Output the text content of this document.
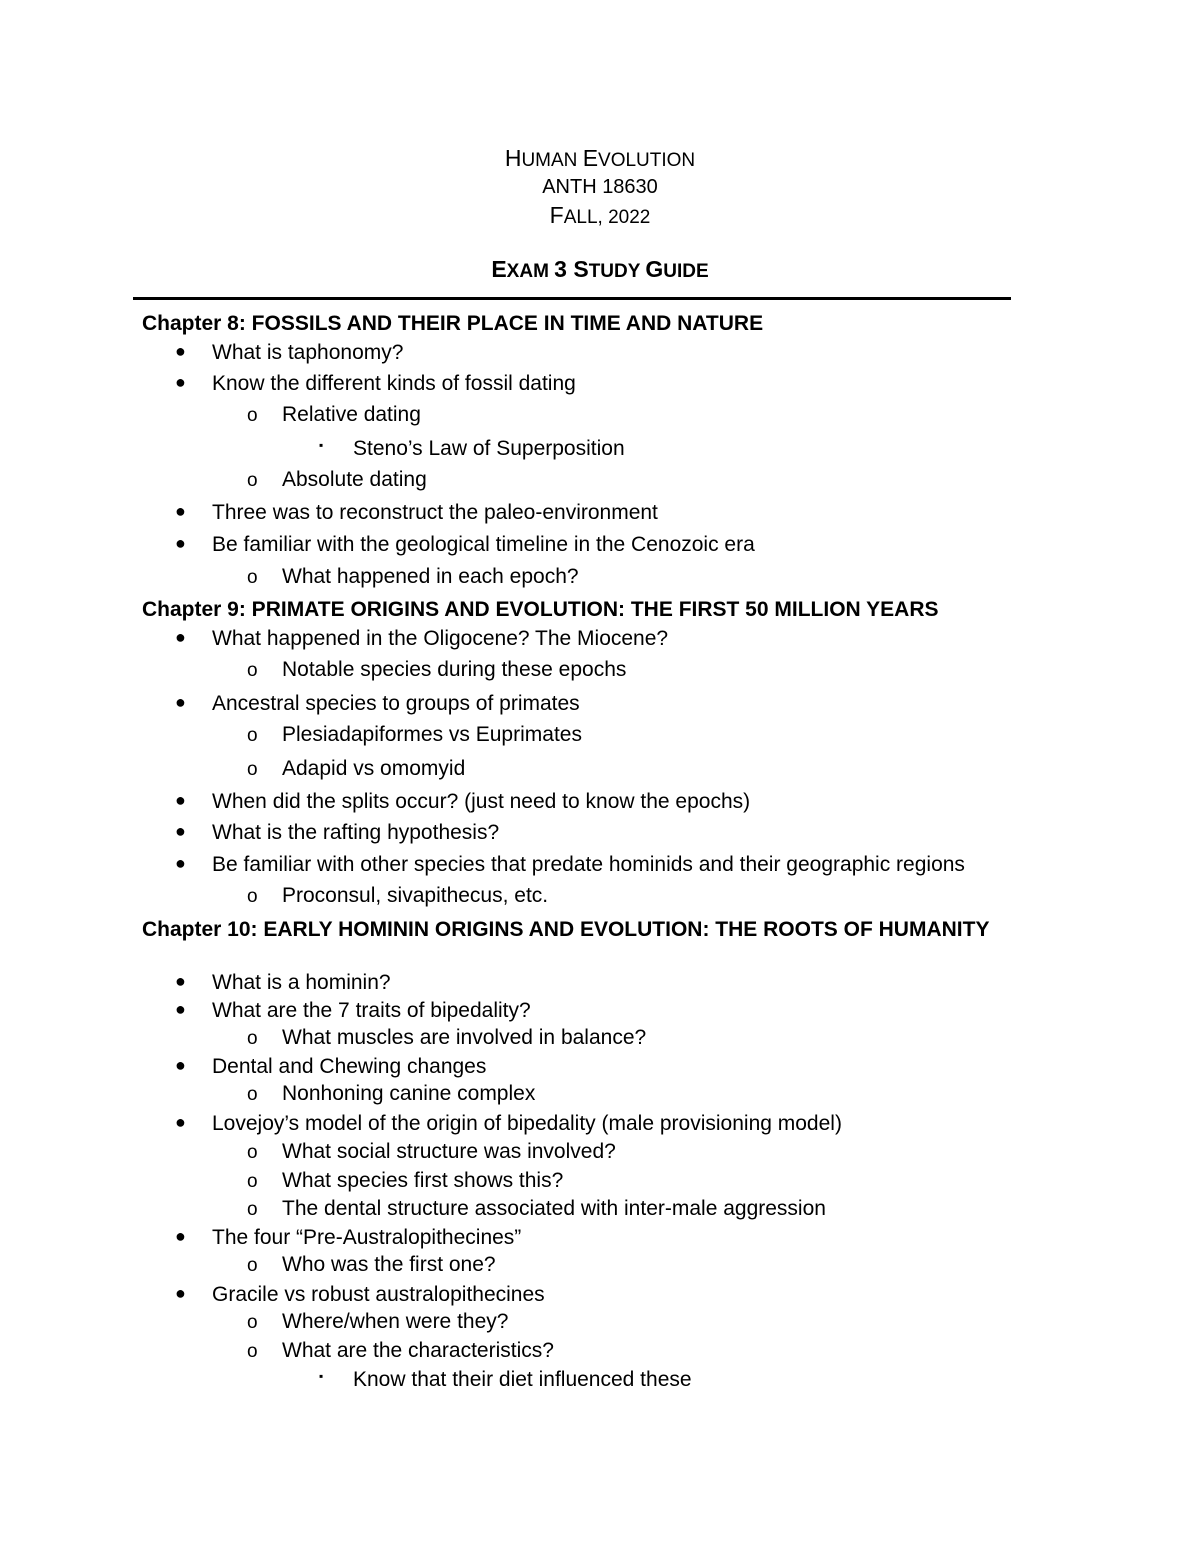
HUMAN EVOLUTION
ANTH 18630
FALL, 2022
EXAM 3 STUDY GUIDE
Chapter 8: FOSSILS AND THEIR PLACE IN TIME AND NATURE
● What is taphonomy?
● Know the different kinds of fossil dating
o Relative dating
▪ Steno’s Law of Superposition
o Absolute dating
● Three was to reconstruct the paleo-environment
● Be familiar with the geological timeline in the Cenozoic era
o What happened in each epoch?
Chapter 9: PRIMATE ORIGINS AND EVOLUTION: THE FIRST 50 MILLION YEARS
● What happened in the Oligocene? The Miocene?
o Notable species during these epochs
● Ancestral species to groups of primates
o Plesiadapiformes vs Euprimates
o Adapid vs omomyid
● When did the splits occur? (just need to know the epochs)
● What is the rafting hypothesis?
● Be familiar with other species that predate hominids and their geographic regions
o Proconsul, sivapithecus, etc.
Chapter 10: EARLY HOMININ ORIGINS AND EVOLUTION: THE ROOTS OF HUMANITY
● What is a hominin?
● What are the 7 traits of bipedality?
o What muscles are involved in balance?
● Dental and Chewing changes
o Nonhoning canine complex
● Lovejoy’s model of the origin of bipedality (male provisioning model)
o What social structure was involved?
o What species first shows this?
o The dental structure associated with inter-male aggression
● The four “Pre-Australopithecines”
o Who was the first one?
● Gracile vs robust australopithecines
o Where/when were they?
o What are the characteristics?
▪ Know that their diet influenced these
